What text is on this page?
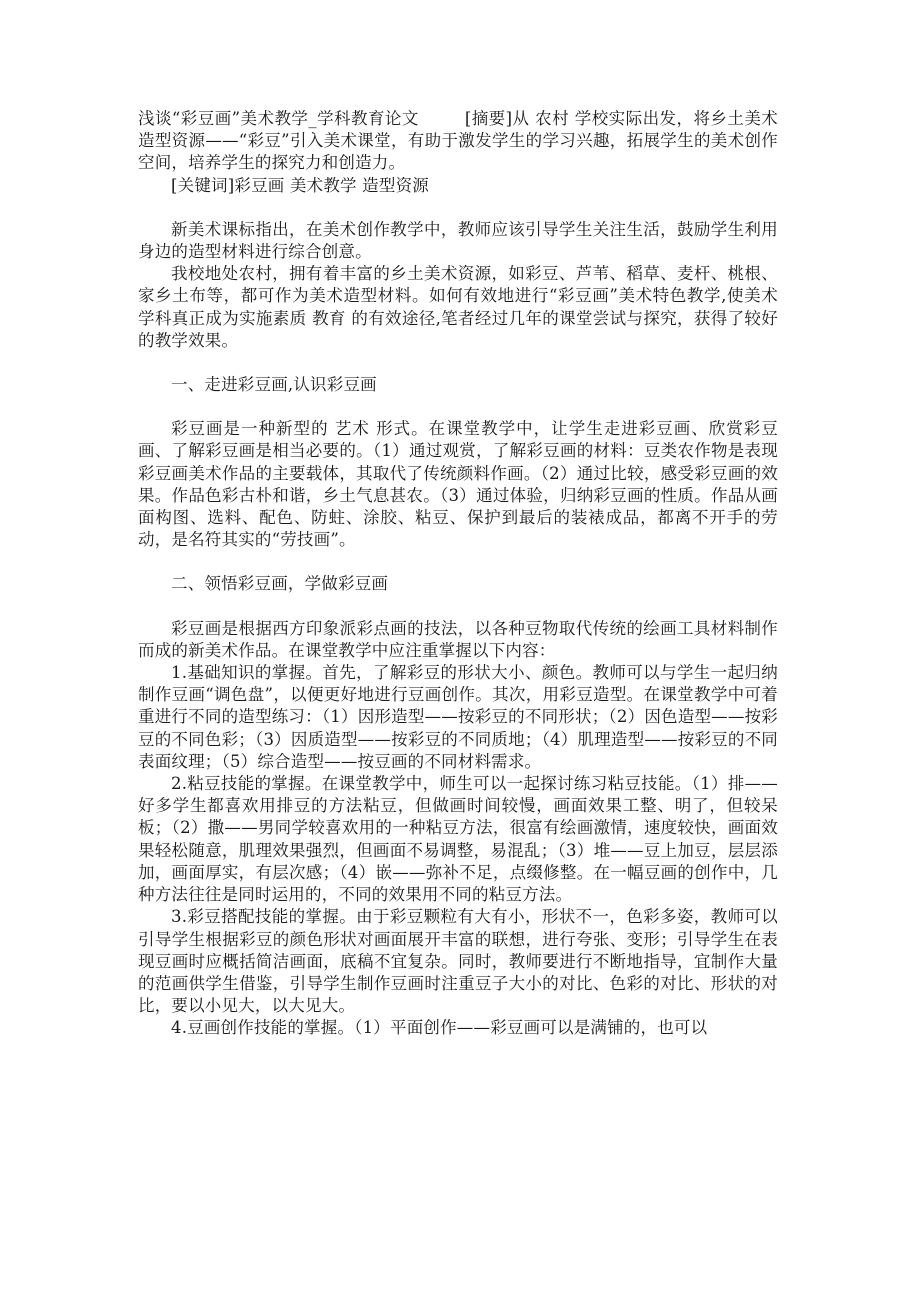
浅谈“彩豆画”美术教学_学科教育论文	[摘要]从 农村 学校实际出发，将乡土美术造型资源——“彩豆”引入美术课堂，有助于激发学生的学习兴趣，拓展学生的美术创作空间，培养学生的探究力和创造力。

[关键词]彩豆画 美术教学 造型资源

新美术课标指出，在美术创作教学中，教师应该引导学生关注生活，鼓励学生利用身边的造型材料进行综合创意。

我校地处农村，拥有着丰富的乡土美术资源，如彩豆、芦苇、稻草、麦杆、桃根、家乡土布等，都可作为美术造型材料。如何有效地进行“彩豆画”美术特色教学,使美术学科真正成为实施素质 教育 的有效途径,笔者经过几年的课堂尝试与探究，获得了较好的教学效果。

一、走进彩豆画,认识彩豆画

彩豆画是一种新型的 艺术 形式。在课堂教学中，让学生走进彩豆画、欣赏彩豆画、了解彩豆画是相当必要的。（1）通过观赏，了解彩豆画的材料：豆类农作物是表现彩豆画美术作品的主要载体，其取代了传统颜料作画。（2）通过比较，感受彩豆画的效果。作品色彩古朴和谐，乡土气息甚农。（3）通过体验，归纳彩豆画的性质。作品从画面构图、选料、配色、防蛀、涂胶、粘豆、保护到最后的装裱成品，都离不开手的劳动，是名符其实的“劳技画”。

二、领悟彩豆画，学做彩豆画

彩豆画是根据西方印象派彩点画的技法，以各种豆物取代传统的绘画工具材料制作而成的新美术作品。在课堂教学中应注重掌握以下内容：

1.基础知识的掌握。首先，了解彩豆的形状大小、颜色。教师可以与学生一起归纳制作豆画“调色盘”，以便更好地进行豆画创作。其次，用彩豆造型。在课堂教学中可着重进行不同的造型练习：（1）因形造型——按彩豆的不同形状；（2）因色造型——按彩豆的不同色彩；（3）因质造型——按彩豆的不同质地；（4）肌理造型——按彩豆的不同表面纹理；（5）综合造型——按豆画的不同材料需求。

2.粘豆技能的掌握。在课堂教学中，师生可以一起探讨练习粘豆技能。（1）排——好多学生都喜欢用排豆的方法粘豆，但做画时间较慢，画面效果工整、明了，但较呆板；（2）撒——男同学较喜欢用的一种粘豆方法，很富有绘画激情，速度较快，画面效果轻松随意，肌理效果强烈，但画面不易调整，易混乱；（3）堆——豆上加豆，层层添加，画面厚实，有层次感；（4）嵌——弥补不足，点缀修整。在一幅豆画的创作中，几种方法往往是同时运用的，不同的效果用不同的粘豆方法。

3.彩豆搭配技能的掌握。由于彩豆颗粒有大有小，形状不一，色彩多姿，教师可以引导学生根据彩豆的颜色形状对画面展开丰富的联想，进行夸张、变形；引导学生在表现豆画时应概括简洁画面，底稿不宜复杂。同时，教师要进行不断地指导，宜制作大量的范画供学生借鉴，引导学生制作豆画时注重豆子大小的对比、色彩的对比、形状的对比，要以小见大，以大见大。

4.豆画创作技能的掌握。（1）平面创作——彩豆画可以是满铺的，也可以
